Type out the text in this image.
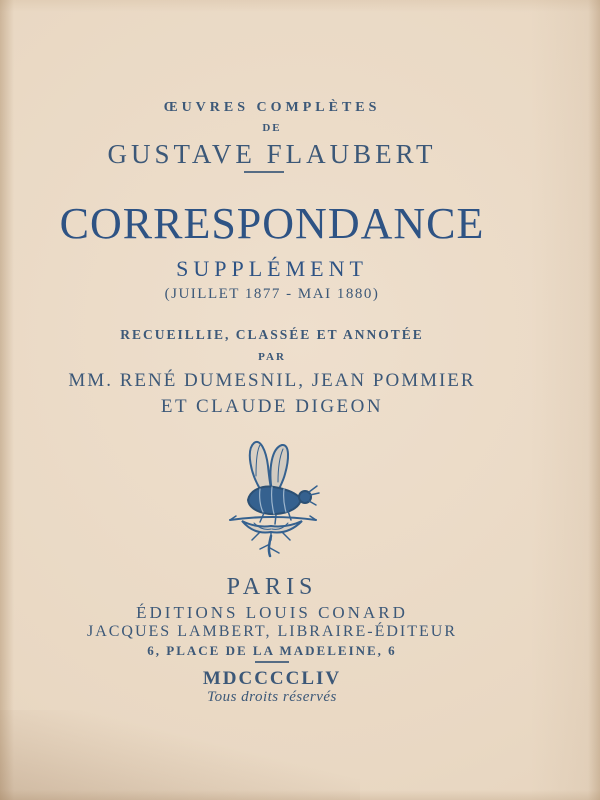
ŒUVRES COMPLÈTES
DE
GUSTAVE FLAUBERT
CORRESPONDANCE
SUPPLÉMENT
(JUILLET 1877 - MAI 1880)
RECUEILLIE, CLASSÉE ET ANNOTÉE
PAR
MM. RENÉ DUMESNIL, JEAN POMMIER
ET CLAUDE DIGEON
PARIS
ÉDITIONS LOUIS CONARD
JACQUES LAMBERT, LIBRAIRE-ÉDITEUR
6, PLACE DE LA MADELEINE, 6
MDCCCCLIV
Tous droits réservés
